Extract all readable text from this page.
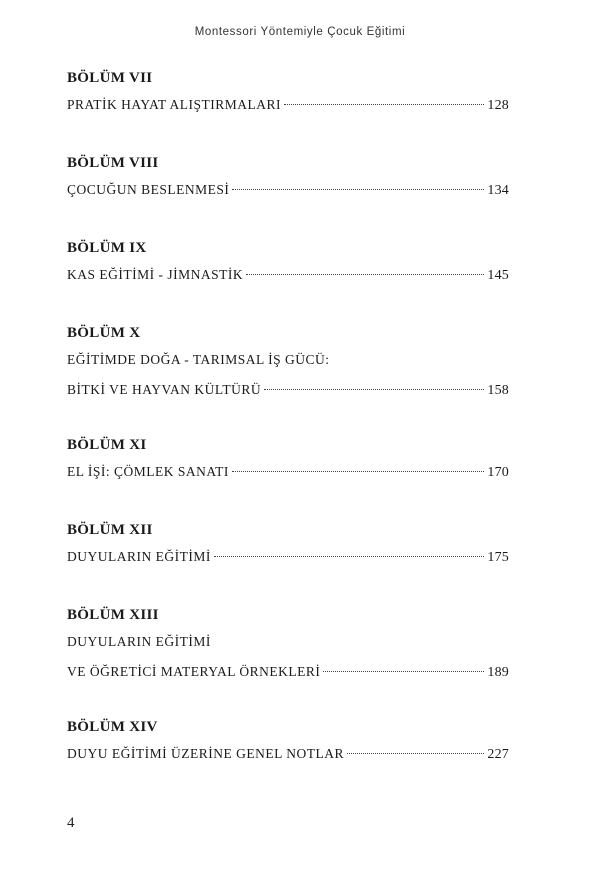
Montessori Yöntemiyle Çocuk Eğitimi
BÖLÜM VII
PRATİK HAYAT ALIŞTIRMALARI	128
BÖLÜM VIII
ÇOCUĞUN BESLENMESİ	134
BÖLÜM IX
KAS EĞİTİMİ - JİMNASTİK	145
BÖLÜM X
EĞİTİMDE DOĞA - TARIMSAL İŞ GÜCÜ:
BİTKİ VE HAYVAN KÜLTÜRÜ	158
BÖLÜM XI
EL İŞİ: ÇÖMLEK SANATI	170
BÖLÜM XII
DUYULARIN EĞİTİMİ	175
BÖLÜM XIII
DUYULARIN EĞİTİMİ
VE ÖĞRETİCİ MATERYAL ÖRNEKLERİ	189
BÖLÜM XIV
DUYU EĞİTİMİ ÜZERİNE GENEL NOTLAR	227
4
